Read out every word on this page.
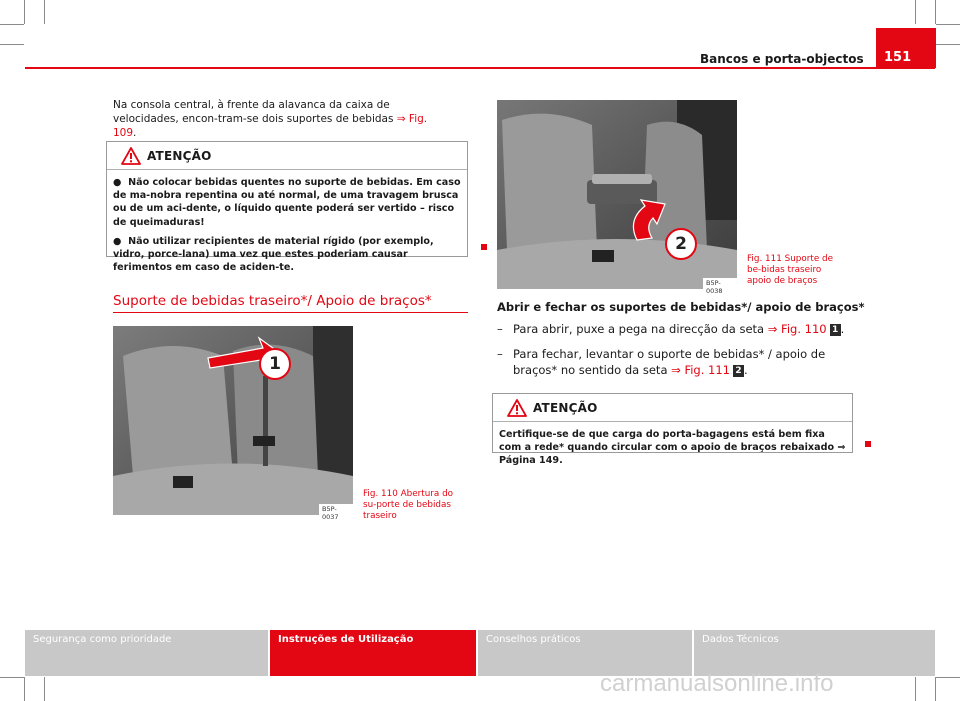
Bancos e porta-objectos	151

Na consola central, à frente da alavanca da caixa de velocidades, encon-tram-se dois suportes de bebidas ⇒ Fig. 109.

ATENÇÃO

●  Não colocar bebidas quentes no suporte de bebidas. Em caso de ma-nobra repentina ou até normal, de uma travagem brusca ou de um aci-dente, o líquido quente poderá ser vertido – risco de queimaduras!

●  Não utilizar recipientes de material rígido (por exemplo, vidro, porce-lana) uma vez que estes poderiam causar ferimentos em caso de aciden-te.

Suporte de bebidas traseiro*/ Apoio de braços*
1
B5P-0037
Fig. 110 Abertura do su-porte de bebidas traseiro
2
B5P-0038
Fig. 111 Suporte de be-bidas traseiro apoio de braços
Abrir e fechar os suportes de bebidas*/ apoio de braços*
– Para abrir, puxe a pega na direcção da seta ⇒ Fig. 110 1 .
– Para fechar, levantar o suporte de bebidas* / apoio de braços* no sentido da seta ⇒ Fig. 111 2 .
ATENÇÃO

Certifique-se de que carga do porta-bagagens está bem fixa com a rede* quando circular com o apoio de braços rebaixado ⇒ Página 149.

Segurança como prioridade	Instruções de Utilização	Conselhos práticos	Dados Técnicos
carmanualsonline.info
